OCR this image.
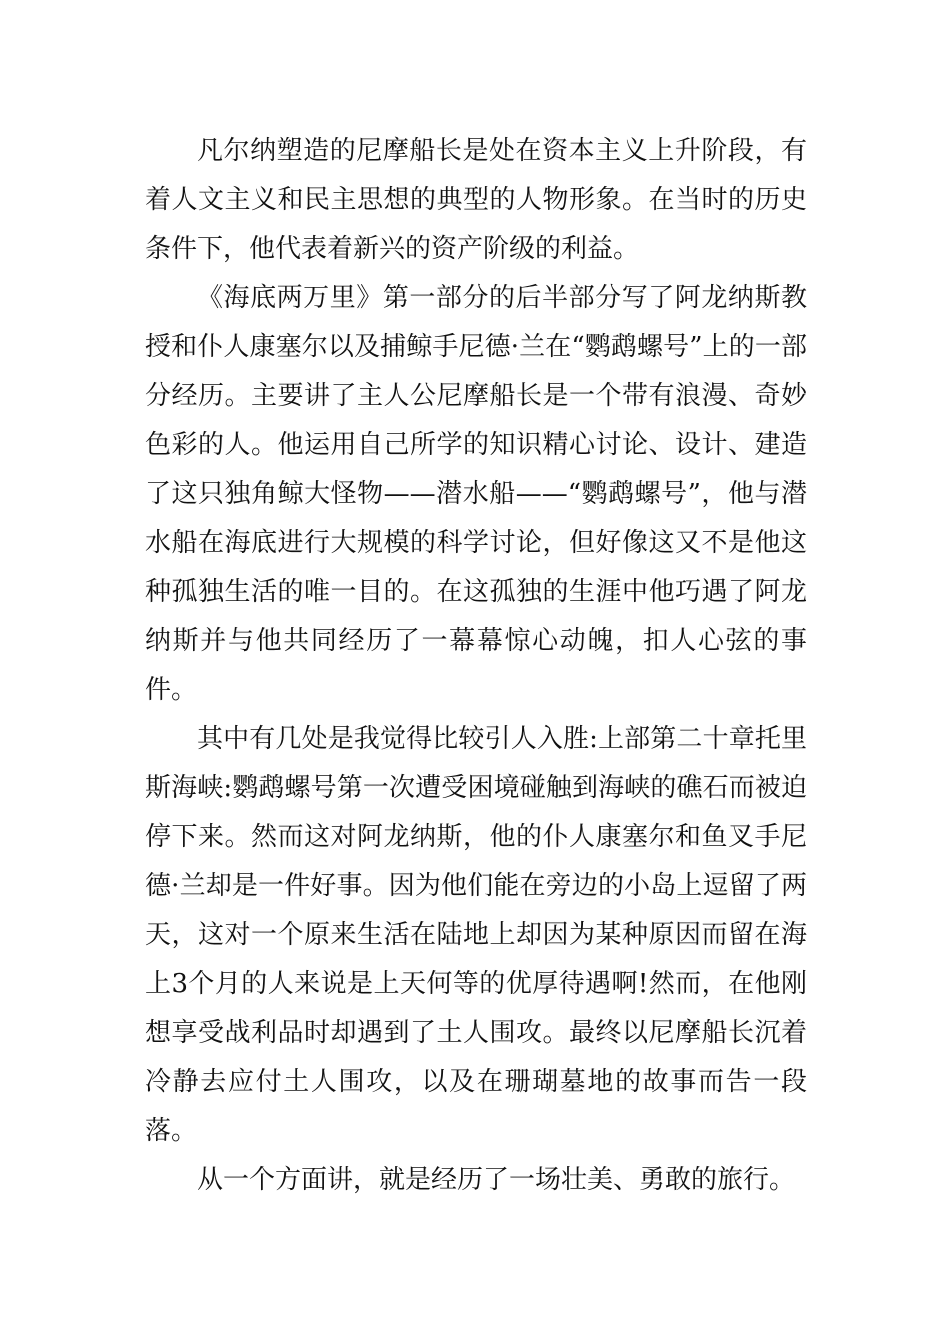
凡尔纳塑造的尼摩船长是处在资本主义上升阶段，有着人文主义和民主思想的典型的人物形象。在当时的历史条件下，他代表着新兴的资产阶级的利益。

《海底两万里》第一部分的后半部分写了阿龙纳斯教授和仆人康塞尔以及捕鲸手尼德·兰在“鹦鹉螺号”上的一部分经历。主要讲了主人公尼摩船长是一个带有浪漫、奇妙色彩的人。他运用自己所学的知识精心讨论、设计、建造了这只独角鲸大怪物——潜水船——“鹦鹉螺号”，他与潜水船在海底进行大规模的科学讨论，但好像这又不是他这种孤独生活的唯一目的。在这孤独的生涯中他巧遇了阿龙纳斯并与他共同经历了一幕幕惊心动魄，扣人心弦的事件。

其中有几处是我觉得比较引人入胜:上部第二十章托里斯海峡:鹦鹉螺号第一次遭受困境碰触到海峡的礁石而被迫停下来。然而这对阿龙纳斯，他的仆人康塞尔和鱼叉手尼德·兰却是一件好事。因为他们能在旁边的小岛上逗留了两天，这对一个原来生活在陆地上却因为某种原因而留在海上3个月的人来说是上天何等的优厚待遇啊!然而，在他刚想享受战利品时却遇到了土人围攻。最终以尼摩船长沉着冷静去应付土人围攻，以及在珊瑚墓地的故事而告一段落。

从一个方面讲，就是经历了一场壮美、勇敢的旅行。
